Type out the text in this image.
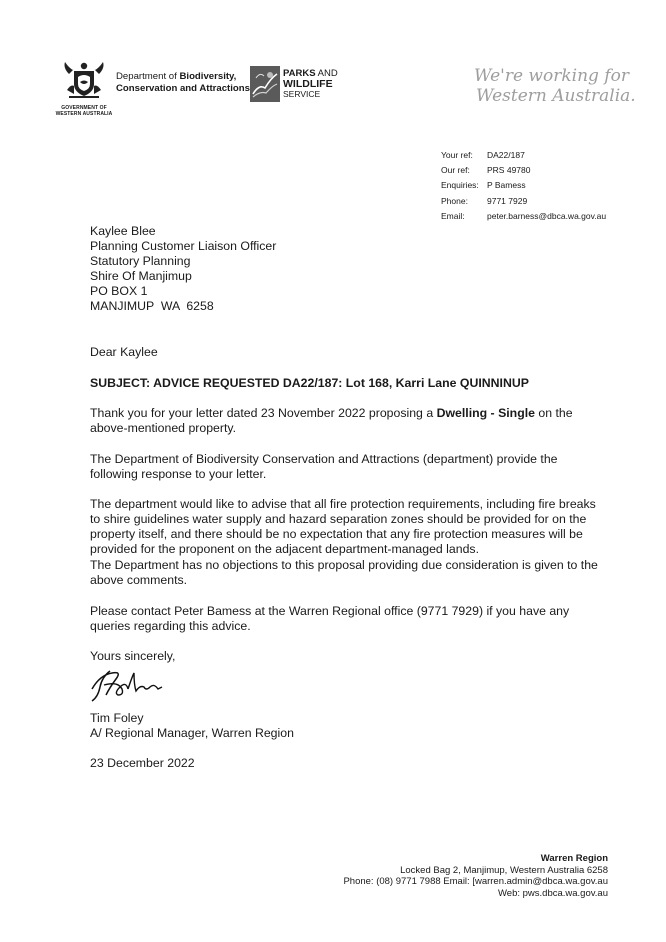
GOVERNMENT OF
WESTERN AUSTRALIA
Department of Biodiversity,
Conservation and Attractions
PARKS AND
WILDLIFE
SERVICE
We're working for
Western Australia.
Your ref:	DA22/187
Our ref:	PRS 49780
Enquiries: P Bamess
Phone:	9771 7929
Email:	peter.barness@dbca.wa.gov.au
Kaylee Blee
Planning Customer Liaison Officer
Statutory Planning
Shire Of Manjimup
PO BOX 1
MANJIMUP  WA  6258
Dear Kaylee
SUBJECT: ADVICE REQUESTED DA22/187: Lot 168, Karri Lane QUINNINUP

Thank you for your letter dated 23 November 2022 proposing a Dwelling - Single on the above-mentioned property.

The Department of Biodiversity Conservation and Attractions (department) provide the following response to your letter.

The department would like to advise that all fire protection requirements, including fire breaks to shire guidelines water supply and hazard separation zones should be provided for on the property itself, and there should be no expectation that any fire protection measures will be provided for the proponent on the adjacent department-managed lands.

The Department has no objections to this proposal providing due consideration is given to the above comments.

Please contact Peter Bamess at the Warren Regional office (9771 7929) if you have any queries regarding this advice.

Yours sincerely,
Tim Foley
A/ Regional Manager, Warren Region
23 December 2022
Warren Region
Locked Bag 2, Manjimup, Western Australia 6258
Phone: (08) 9771 7988 Email: [warren.admin@dbca.wa.gov.au
Web: pws.dbca.wa.gov.au
